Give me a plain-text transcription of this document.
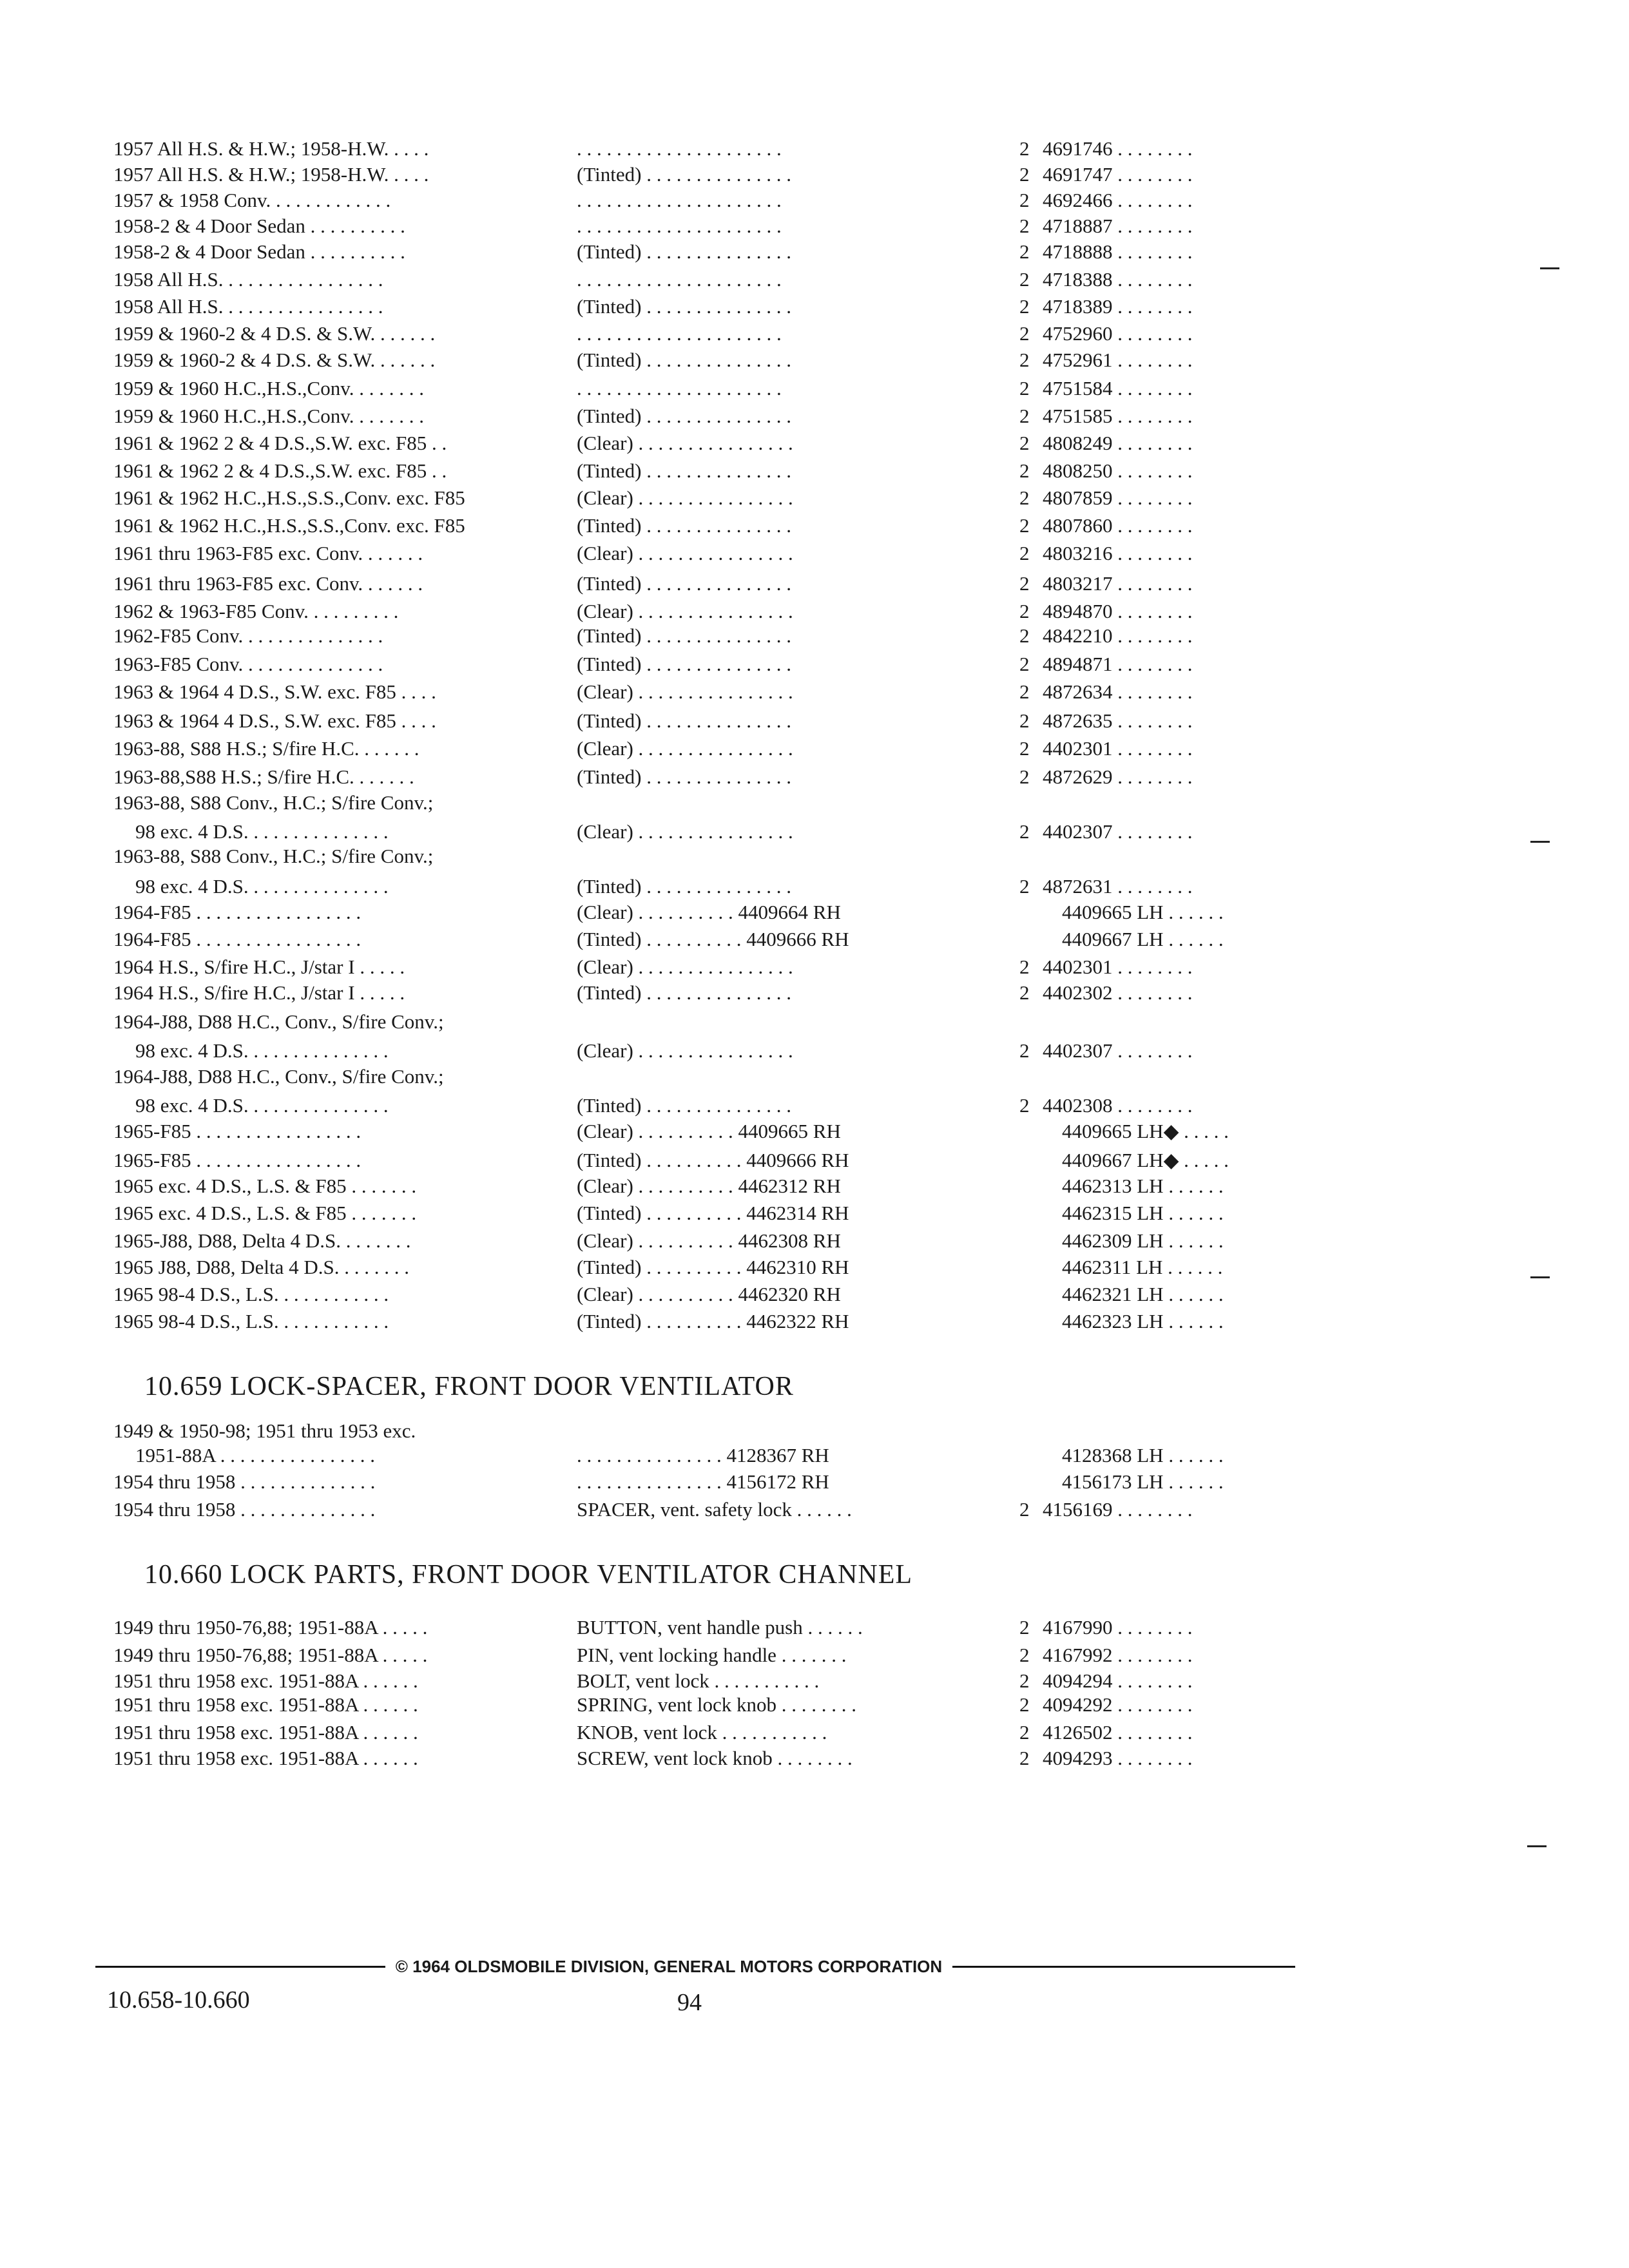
1957 All H.S. & H.W.; 1958-H.W. . . . .	. . . . . . . . . . . . . . . . . . . . .	2 4691746 . . . . . . . .
1957 All H.S. & H.W.; 1958-H.W. . . . .	(Tinted) . . . . . . . . . . . . . . .	2 4691747 . . . . . . . .
1957 & 1958 Conv. . . . . . . . . . . . .	. . . . . . . . . . . . . . . . . . . . .	2 4692466 . . . . . . . .
1958-2 & 4 Door Sedan . . . . . . . . . .	. . . . . . . . . . . . . . . . . . . . .	2 4718887 . . . . . . . .
1958-2 & 4 Door Sedan . . . . . . . . . .	(Tinted) . . . . . . . . . . . . . . .	2 4718888 . . . . . . . .
1958 All H.S. . . . . . . . . . . . . . . . .	. . . . . . . . . . . . . . . . . . . . .	2 4718388 . . . . . . . .
1958 All H.S. . . . . . . . . . . . . . . . .	(Tinted) . . . . . . . . . . . . . . .	2 4718389 . . . . . . . .
1959 & 1960-2 & 4 D.S. & S.W. . . . . . .	. . . . . . . . . . . . . . . . . . . . .	2 4752960 . . . . . . . .
1959 & 1960-2 & 4 D.S. & S.W. . . . . . .	(Tinted) . . . . . . . . . . . . . . .	2 4752961 . . . . . . . .
1959 & 1960 H.C.,H.S.,Conv. . . . . . . .	. . . . . . . . . . . . . . . . . . . . .	2 4751584 . . . . . . . .
1959 & 1960 H.C.,H.S.,Conv. . . . . . . .	(Tinted) . . . . . . . . . . . . . . .	2 4751585 . . . . . . . .
1961 & 1962 2 & 4 D.S.,S.W. exc. F85 . .	(Clear) . . . . . . . . . . . . . . . .	2 4808249 . . . . . . . .
1961 & 1962 2 & 4 D.S.,S.W. exc. F85 . .	(Tinted) . . . . . . . . . . . . . . .	2 4808250 . . . . . . . .
1961 & 1962 H.C.,H.S.,S.S.,Conv. exc. F85	(Clear) . . . . . . . . . . . . . . . .	2 4807859 . . . . . . . .
1961 & 1962 H.C.,H.S.,S.S.,Conv. exc. F85	(Tinted) . . . . . . . . . . . . . . .	2 4807860 . . . . . . . .
1961 thru 1963-F85 exc. Conv. . . . . . .	(Clear) . . . . . . . . . . . . . . . .	2 4803216 . . . . . . . .
1961 thru 1963-F85 exc. Conv. . . . . . .	(Tinted) . . . . . . . . . . . . . . .	2 4803217 . . . . . . . .
1962 & 1963-F85 Conv. . . . . . . . . .	(Clear) . . . . . . . . . . . . . . . .	2 4894870 . . . . . . . .
1962-F85 Conv. . . . . . . . . . . . . . .	(Tinted) . . . . . . . . . . . . . . .	2 4842210 . . . . . . . .
1963-F85 Conv. . . . . . . . . . . . . . .	(Tinted) . . . . . . . . . . . . . . .	2 4894871 . . . . . . . .
1963 & 1964 4 D.S., S.W. exc. F85 . . . .	(Clear) . . . . . . . . . . . . . . . .	2 4872634 . . . . . . . .
1963 & 1964 4 D.S., S.W. exc. F85 . . . .	(Tinted) . . . . . . . . . . . . . . .	2 4872635 . . . . . . . .
1963-88, S88 H.S.; S/fire H.C. . . . . . .	(Clear) . . . . . . . . . . . . . . . .	2 4402301 . . . . . . . .
1963-88,S88 H.S.; S/fire H.C. . . . . . .	(Tinted) . . . . . . . . . . . . . . .	2 4872629 . . . . . . . .
1963-88, S88 Conv., H.C.; S/fire Conv.;
98 exc. 4 D.S. . . . . . . . . . . . . . .	(Clear) . . . . . . . . . . . . . . . .	2 4402307 . . . . . . . .
1963-88, S88 Conv., H.C.; S/fire Conv.;
98 exc. 4 D.S. . . . . . . . . . . . . . .	(Tinted) . . . . . . . . . . . . . . .	2 4872631 . . . . . . . .
1964-F85 . . . . . . . . . . . . . . . . .	(Clear) . . . . . . . . . . 4409664 RH	4409665 LH . . . . . .
1964-F85 . . . . . . . . . . . . . . . . .	(Tinted) . . . . . . . . . . 4409666 RH	4409667 LH . . . . . .
1964 H.S., S/fire H.C., J/star I . . . . .	(Clear) . . . . . . . . . . . . . . . .	2 4402301 . . . . . . . .
1964 H.S., S/fire H.C., J/star I . . . . .	(Tinted) . . . . . . . . . . . . . . .	2 4402302 . . . . . . . .
1964-J88, D88 H.C., Conv., S/fire Conv.;
98 exc. 4 D.S. . . . . . . . . . . . . . .	(Clear) . . . . . . . . . . . . . . . .	2 4402307 . . . . . . . .
1964-J88, D88 H.C., Conv., S/fire Conv.;
98 exc. 4 D.S. . . . . . . . . . . . . . .	(Tinted) . . . . . . . . . . . . . . .	2 4402308 . . . . . . . .
1965-F85 . . . . . . . . . . . . . . . . .	(Clear) . . . . . . . . . . 4409665 RH	4409665 LH◆ . . . . .
1965-F85 . . . . . . . . . . . . . . . . .	(Tinted) . . . . . . . . . . 4409666 RH	4409667 LH◆ . . . . .
1965 exc. 4 D.S., L.S. & F85 . . . . . . .	(Clear) . . . . . . . . . . 4462312 RH	4462313 LH . . . . . .
1965 exc. 4 D.S., L.S. & F85 . . . . . . .	(Tinted) . . . . . . . . . . 4462314 RH	4462315 LH . . . . . .
1965-J88, D88, Delta 4 D.S. . . . . . . .	(Clear) . . . . . . . . . . 4462308 RH	4462309 LH . . . . . .
1965 J88, D88, Delta 4 D.S. . . . . . . .	(Tinted) . . . . . . . . . . 4462310 RH	4462311 LH . . . . . .
1965 98-4 D.S., L.S. . . . . . . . . . . .	(Clear) . . . . . . . . . . 4462320 RH	4462321 LH . . . . . .
1965 98-4 D.S., L.S. . . . . . . . . . . .	(Tinted) . . . . . . . . . . 4462322 RH	4462323 LH . . . . . .
10.659 LOCK-SPACER, FRONT DOOR VENTILATOR
1949 & 1950-98; 1951 thru 1953 exc.
1951-88A . . . . . . . . . . . . . . . .	. . . . . . . . . . . . . . . 4128367 RH	4128368 LH . . . . . .
1954 thru 1958 . . . . . . . . . . . . . .	. . . . . . . . . . . . . . . 4156172 RH	4156173 LH . . . . . .
1954 thru 1958 . . . . . . . . . . . . . .	SPACER, vent. safety lock . . . . . .	2 4156169 . . . . . . . .
10.660 LOCK PARTS, FRONT DOOR VENTILATOR CHANNEL
1949 thru 1950-76,88; 1951-88A . . . . .	BUTTON, vent handle push . . . . . .	2 4167990 . . . . . . . .
1949 thru 1950-76,88; 1951-88A . . . . .	PIN, vent locking handle . . . . . . .	2 4167992 . . . . . . . .
1951 thru 1958 exc. 1951-88A . . . . . .	BOLT, vent lock . . . . . . . . . . .	2 4094294 . . . . . . . .
1951 thru 1958 exc. 1951-88A . . . . . .	SPRING, vent lock knob . . . . . . . .	2 4094292 . . . . . . . .
1951 thru 1958 exc. 1951-88A . . . . . .	KNOB, vent lock . . . . . . . . . . .	2 4126502 . . . . . . . .
1951 thru 1958 exc. 1951-88A . . . . . .	SCREW, vent lock knob . . . . . . . .	2 4094293 . . . . . . . .
© 1964 OLDSMOBILE DIVISION, GENERAL MOTORS CORPORATION
10.658-10.660	94
